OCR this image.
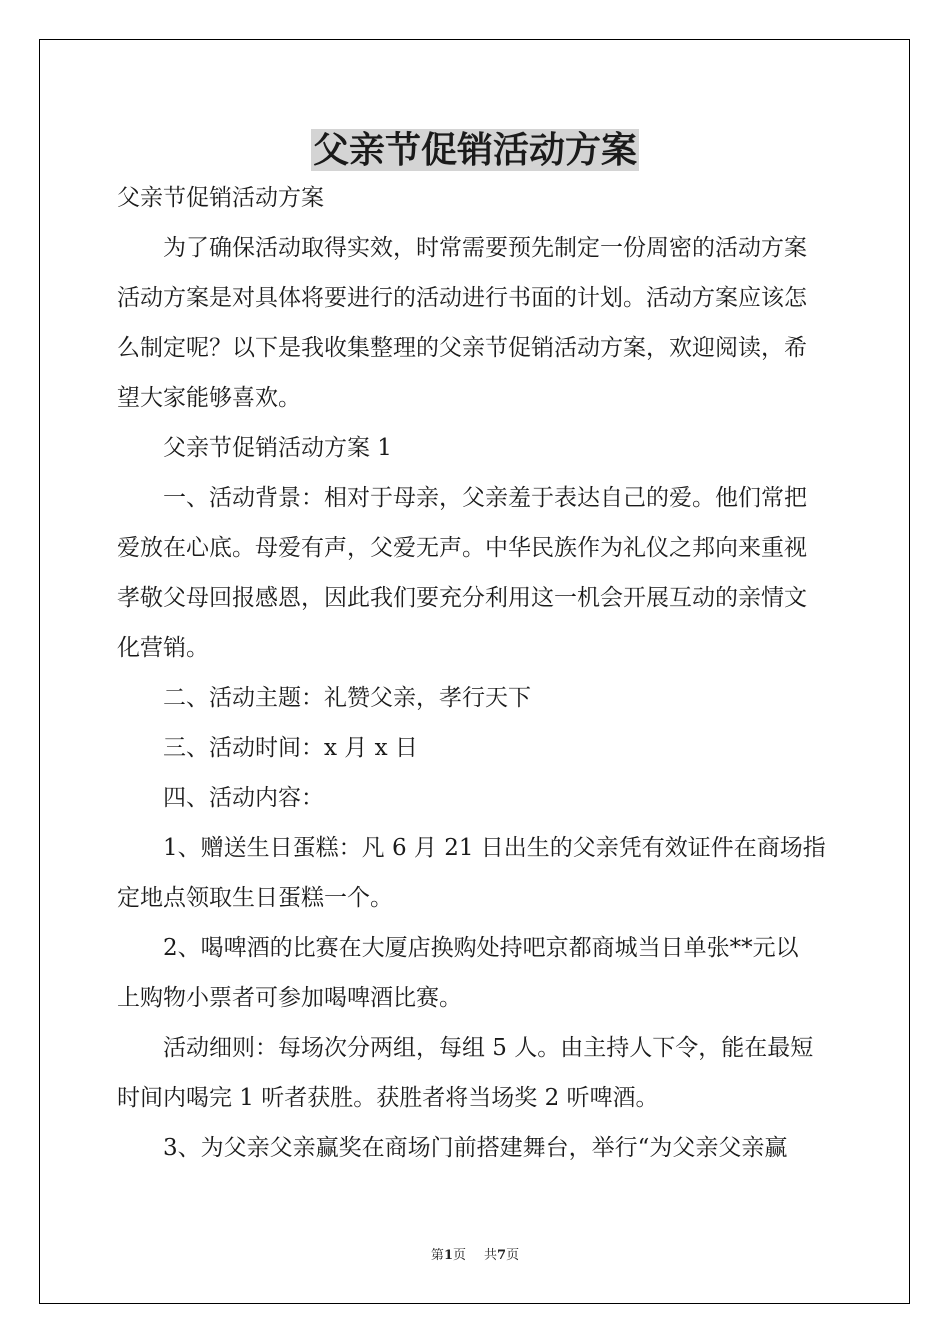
父亲节促销活动方案
父亲节促销活动方案
为了确保活动取得实效，时常需要预先制定一份周密的活动方案
活动方案是对具体将要进行的活动进行书面的计划。活动方案应该怎
么制定呢？以下是我收集整理的父亲节促销活动方案，欢迎阅读，希
望大家能够喜欢。
父亲节促销活动方案 1
一、活动背景：相对于母亲，父亲羞于表达自己的爱。他们常把
爱放在心底。母爱有声，父爱无声。中华民族作为礼仪之邦向来重视
孝敬父母回报感恩，因此我们要充分利用这一机会开展互动的亲情文
化营销。
二、活动主题：礼赞父亲，孝行天下
三、活动时间：x 月 x 日
四、活动内容：
1、赠送生日蛋糕：凡 6 月 21 日出生的父亲凭有效证件在商场指
定地点领取生日蛋糕一个。
2、喝啤酒的比赛在大厦店换购处持吧京都商城当日单张**元以
上购物小票者可参加喝啤酒比赛。
活动细则：每场次分两组，每组 5 人。由主持人下令，能在最短
时间内喝完 1 听者获胜。获胜者将当场奖 2 听啤酒。
3、为父亲父亲赢奖在商场门前搭建舞台，举行“为父亲父亲赢
第1页 共7页
